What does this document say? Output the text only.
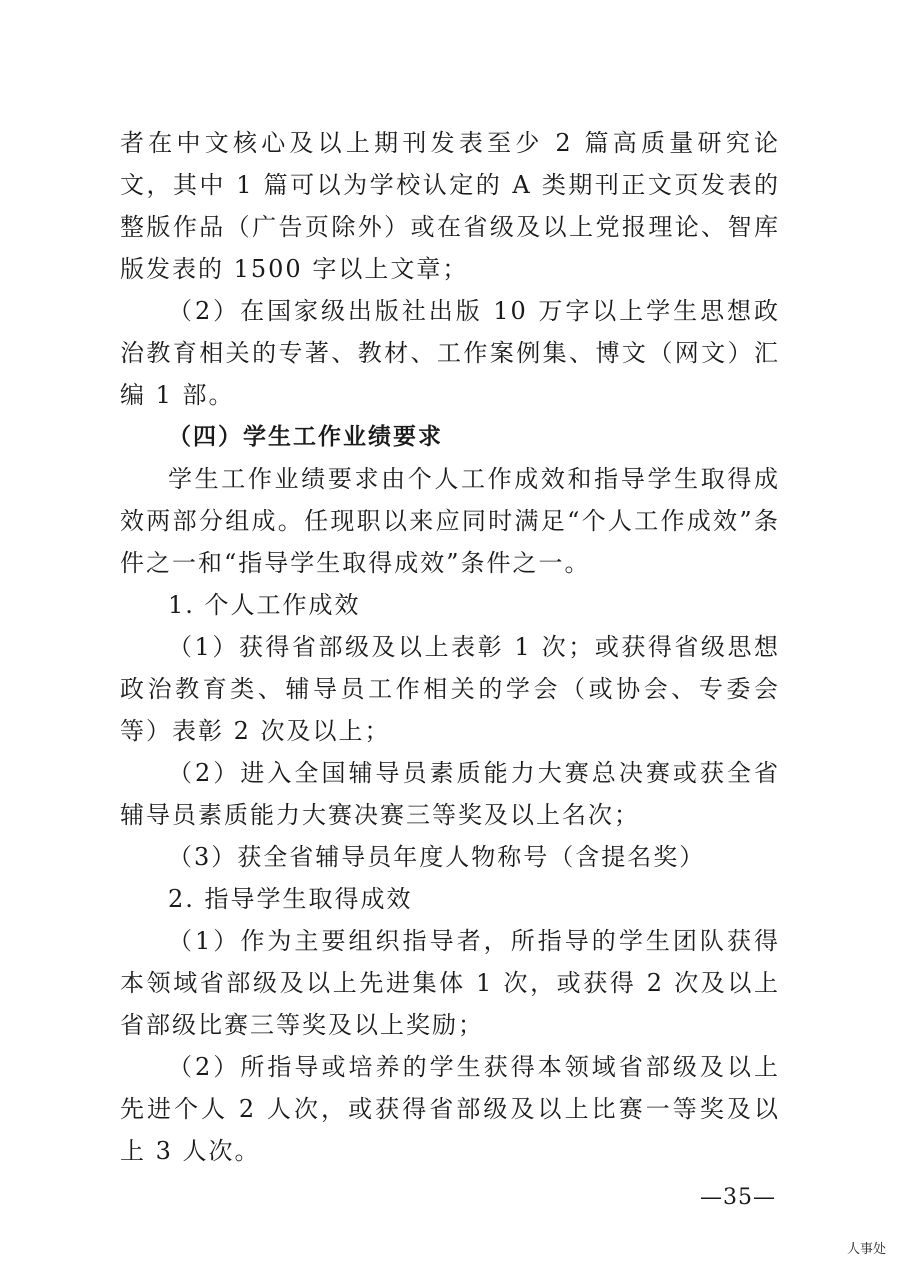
者在中文核心及以上期刊发表至少 2 篇高质量研究论文，其中 1 篇可以为学校认定的 A 类期刊正文页发表的整版作品（广告页除外）或在省级及以上党报理论、智库版发表的 1500 字以上文章；

（2）在国家级出版社出版 10 万字以上学生思想政治教育相关的专著、教材、工作案例集、博文（网文）汇编 1 部。

（四）学生工作业绩要求

学生工作业绩要求由个人工作成效和指导学生取得成效两部分组成。任现职以来应同时满足“个人工作成效”条件之一和“指导学生取得成效”条件之一。

1. 个人工作成效

（1）获得省部级及以上表彰 1 次；或获得省级思想政治教育类、辅导员工作相关的学会（或协会、专委会等）表彰 2 次及以上；

（2）进入全国辅导员素质能力大赛总决赛或获全省辅导员素质能力大赛决赛三等奖及以上名次；

（3）获全省辅导员年度人物称号（含提名奖）

2. 指导学生取得成效

（1）作为主要组织指导者，所指导的学生团队获得本领域省部级及以上先进集体 1 次，或获得 2 次及以上省部级比赛三等奖及以上奖励；

（2）所指导或培养的学生获得本领域省部级及以上先进个人 2 人次，或获得省部级及以上比赛一等奖及以上 3 人次。

—35—
人事处
